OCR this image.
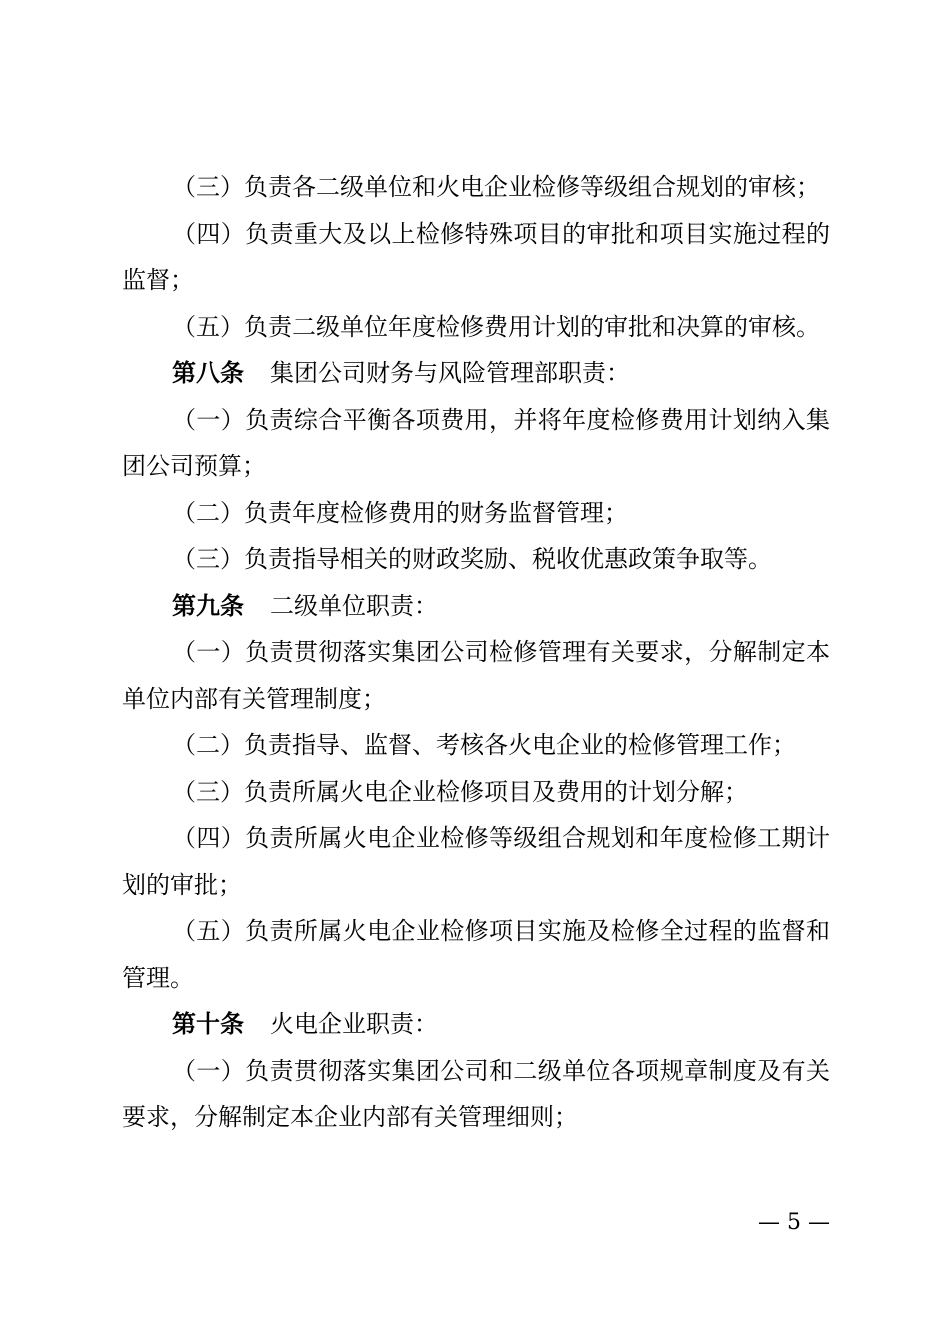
（三）负责各二级单位和火电企业检修等级组合规划的审核；

（四）负责重大及以上检修特殊项目的审批和项目实施过程的监督；

（五）负责二级单位年度检修费用计划的审批和决算的审核。

第八条 集团公司财务与风险管理部职责：

（一）负责综合平衡各项费用，并将年度检修费用计划纳入集团公司预算；

（二）负责年度检修费用的财务监督管理；

（三）负责指导相关的财政奖励、税收优惠政策争取等。

第九条 二级单位职责：

（一）负责贯彻落实集团公司检修管理有关要求，分解制定本单位内部有关管理制度；

（二）负责指导、监督、考核各火电企业的检修管理工作；

（三）负责所属火电企业检修项目及费用的计划分解；

（四）负责所属火电企业检修等级组合规划和年度检修工期计划的审批；

（五）负责所属火电企业检修项目实施及检修全过程的监督和管理。

第十条 火电企业职责：

（一）负责贯彻落实集团公司和二级单位各项规章制度及有关要求，分解制定本企业内部有关管理细则；

— 5 —
